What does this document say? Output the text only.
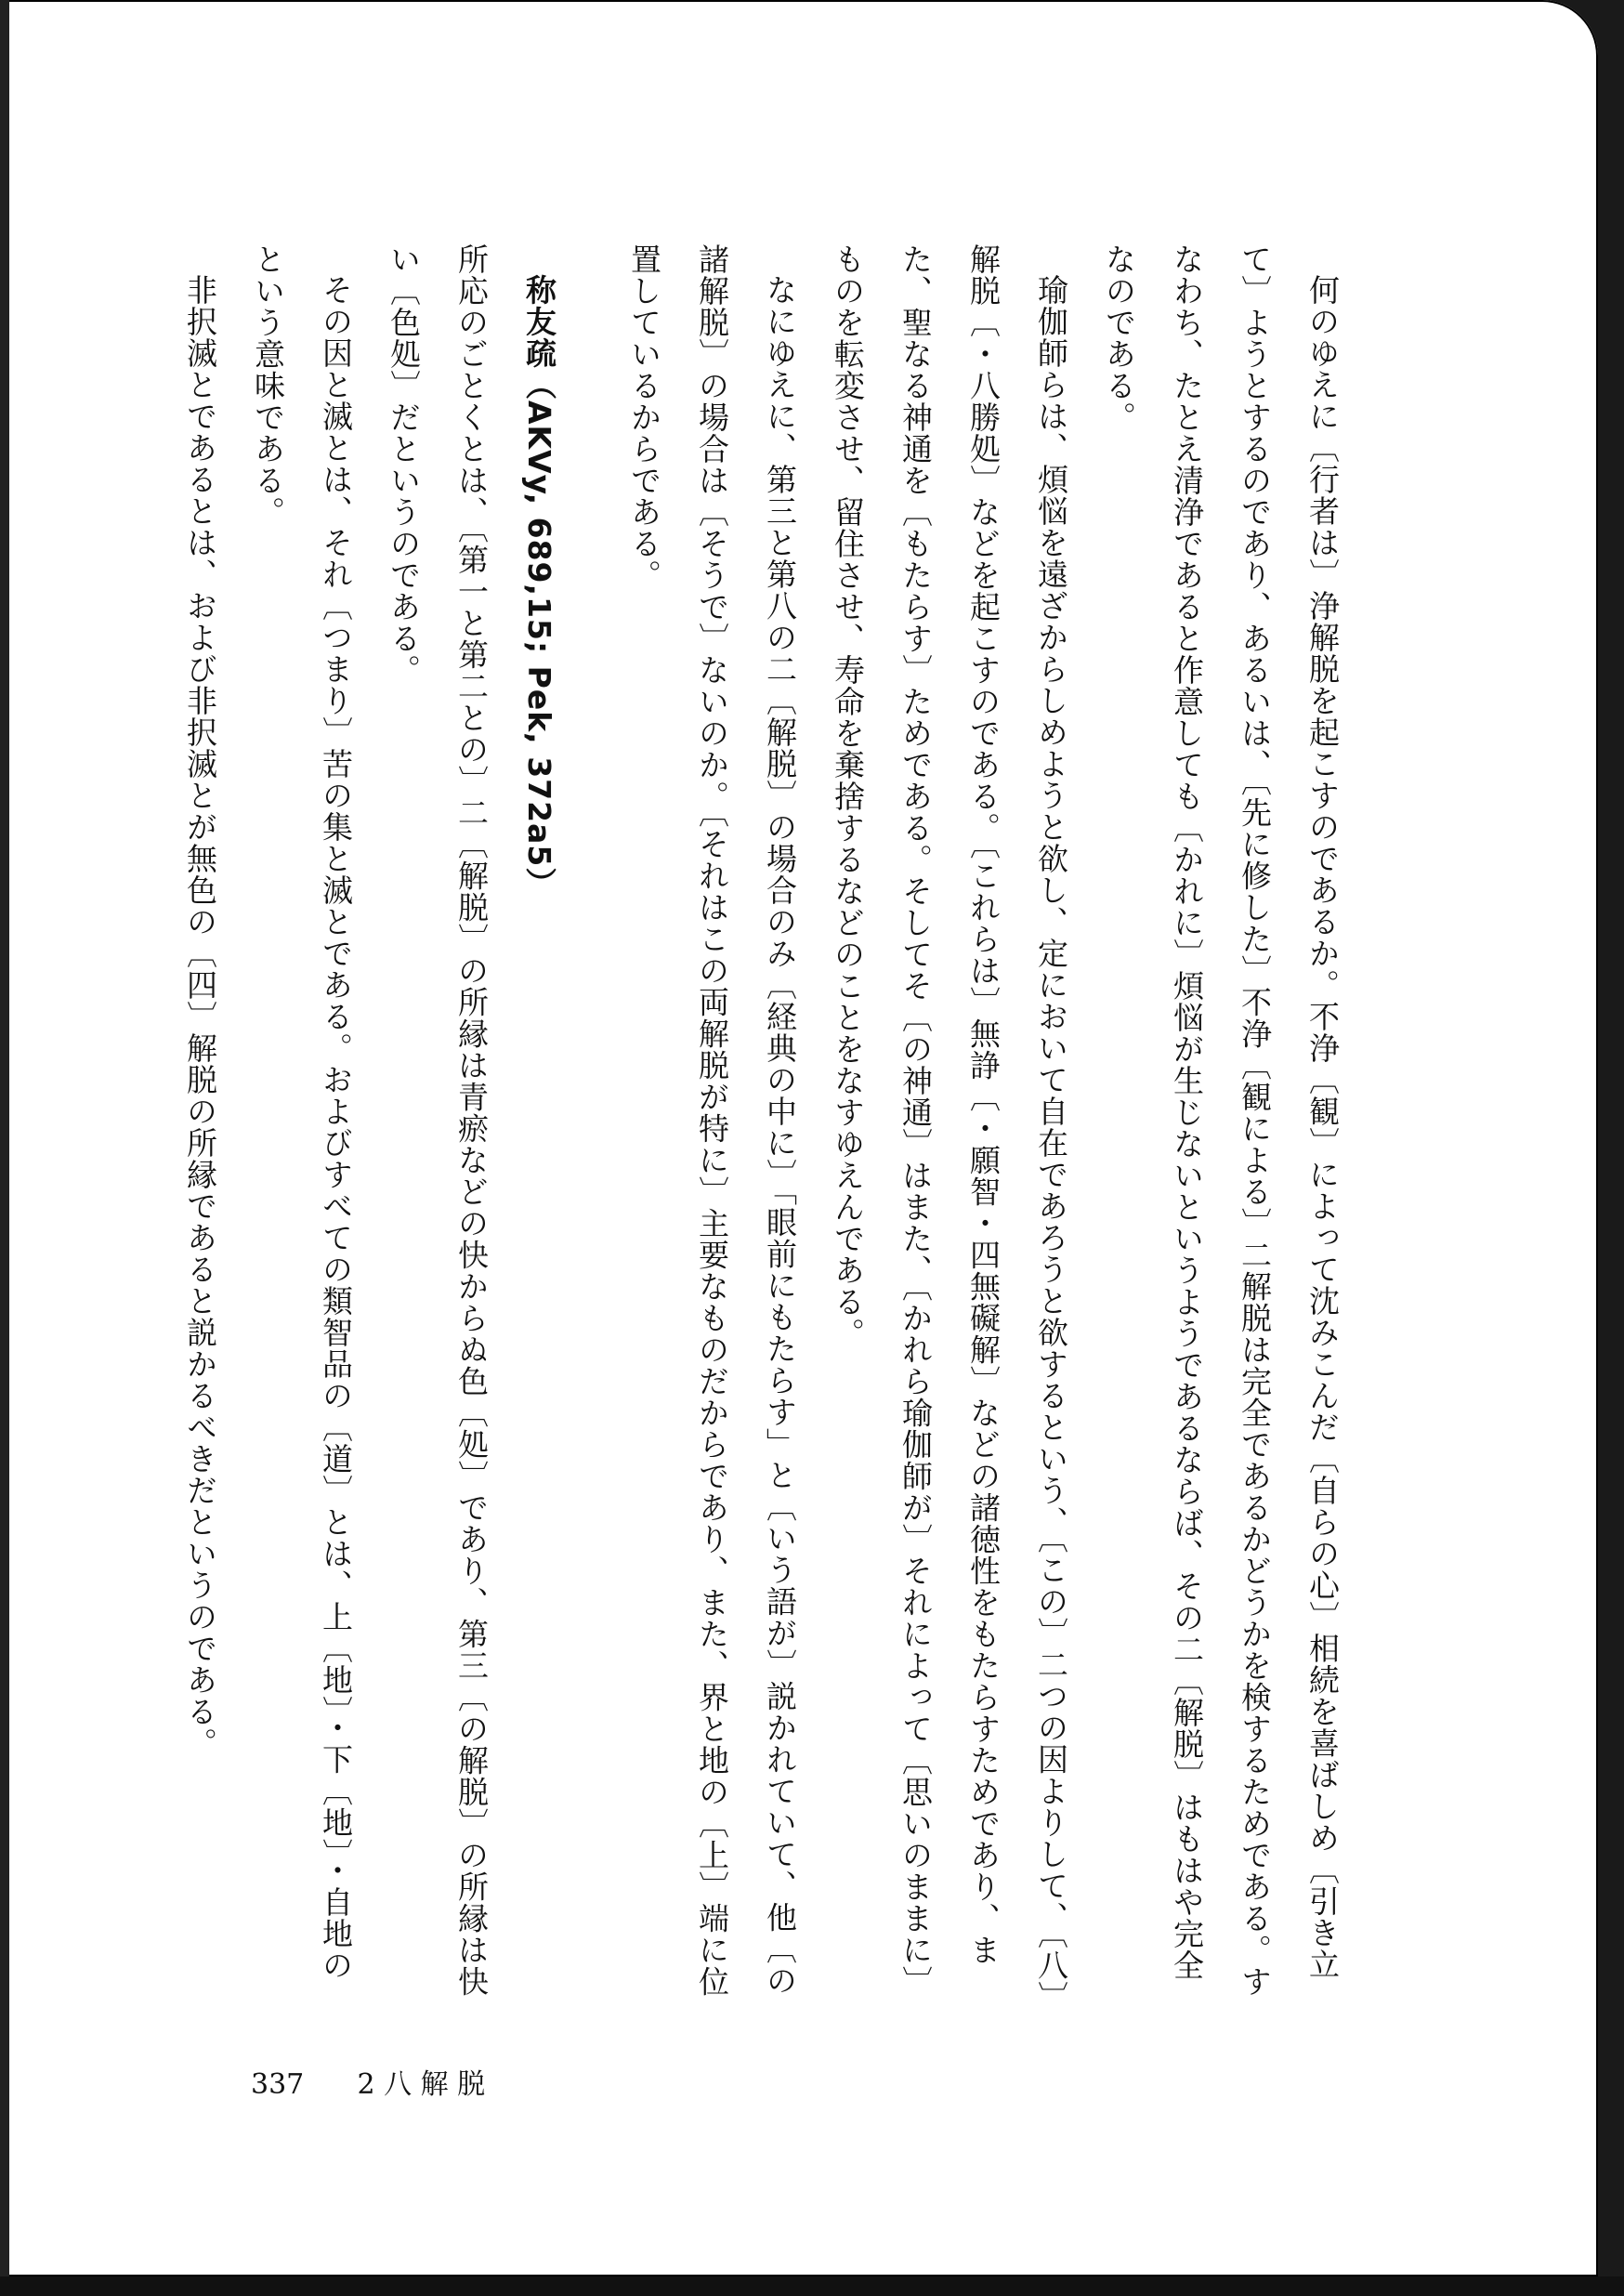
何のゆえに〔行者は〕浄解脱を起こすのであるか。不浄〔観〕によって沈みこんだ〔自らの心〕相続を喜ばしめ〔引き立て〕ようとするのであり、あるいは、〔先に修した〕不浄〔観による〕二解脱は完全であるかどうかを検するためである。すなわち、たとえ清浄であると作意しても〔かれに〕煩悩が生じないというようであるならば、その二〔解脱〕はもはや完全なのである。

瑜伽師らは、煩悩を遠ざからしめようと欲し、定において自在であろうと欲するという、〔この〕二つの因よりして、〔八〕解脱〔・八勝処〕などを起こすのである。〔これらは〕無諍〔・願智・四無礙解〕などの諸徳性をもたらすためであり、また、聖なる神通を〔もたらす〕ためである。そしてそ〔の神通〕はまた、〔かれら瑜伽師が〕それによって〔思いのままに〕ものを転変させ、留住させ、寿命を棄捨するなどのことをなすゆえんである。

なにゆえに、第三と第八の二〔解脱〕の場合のみ〔経典の中に〕「眼前にもたらす」と〔いう語が〕説かれていて、他〔の諸解脱〕の場合は〔そうで〕ないのか。〔それはこの両解脱が特に〕主要なものだからであり、また、界と地の〔上〕端に位置しているからである。

称友疏（AKVy, 689,15; Pek, 372a5）

所応のごとくとは、〔第一と第二との〕二〔解脱〕の所縁は青瘀などの快からぬ色〔処〕であり、第三〔の解脱〕の所縁は快い〔色処〕だというのである。

その因と滅とは、それ〔つまり〕苦の集と滅とである。およびすべての類智品の〔道〕とは、上〔地〕・下〔地〕・自地のという意味である。

非択滅とであるとは、および非択滅とが無色の〔四〕解脱の所縁であると説かるべきだというのである。

337 2 八 解 脱
